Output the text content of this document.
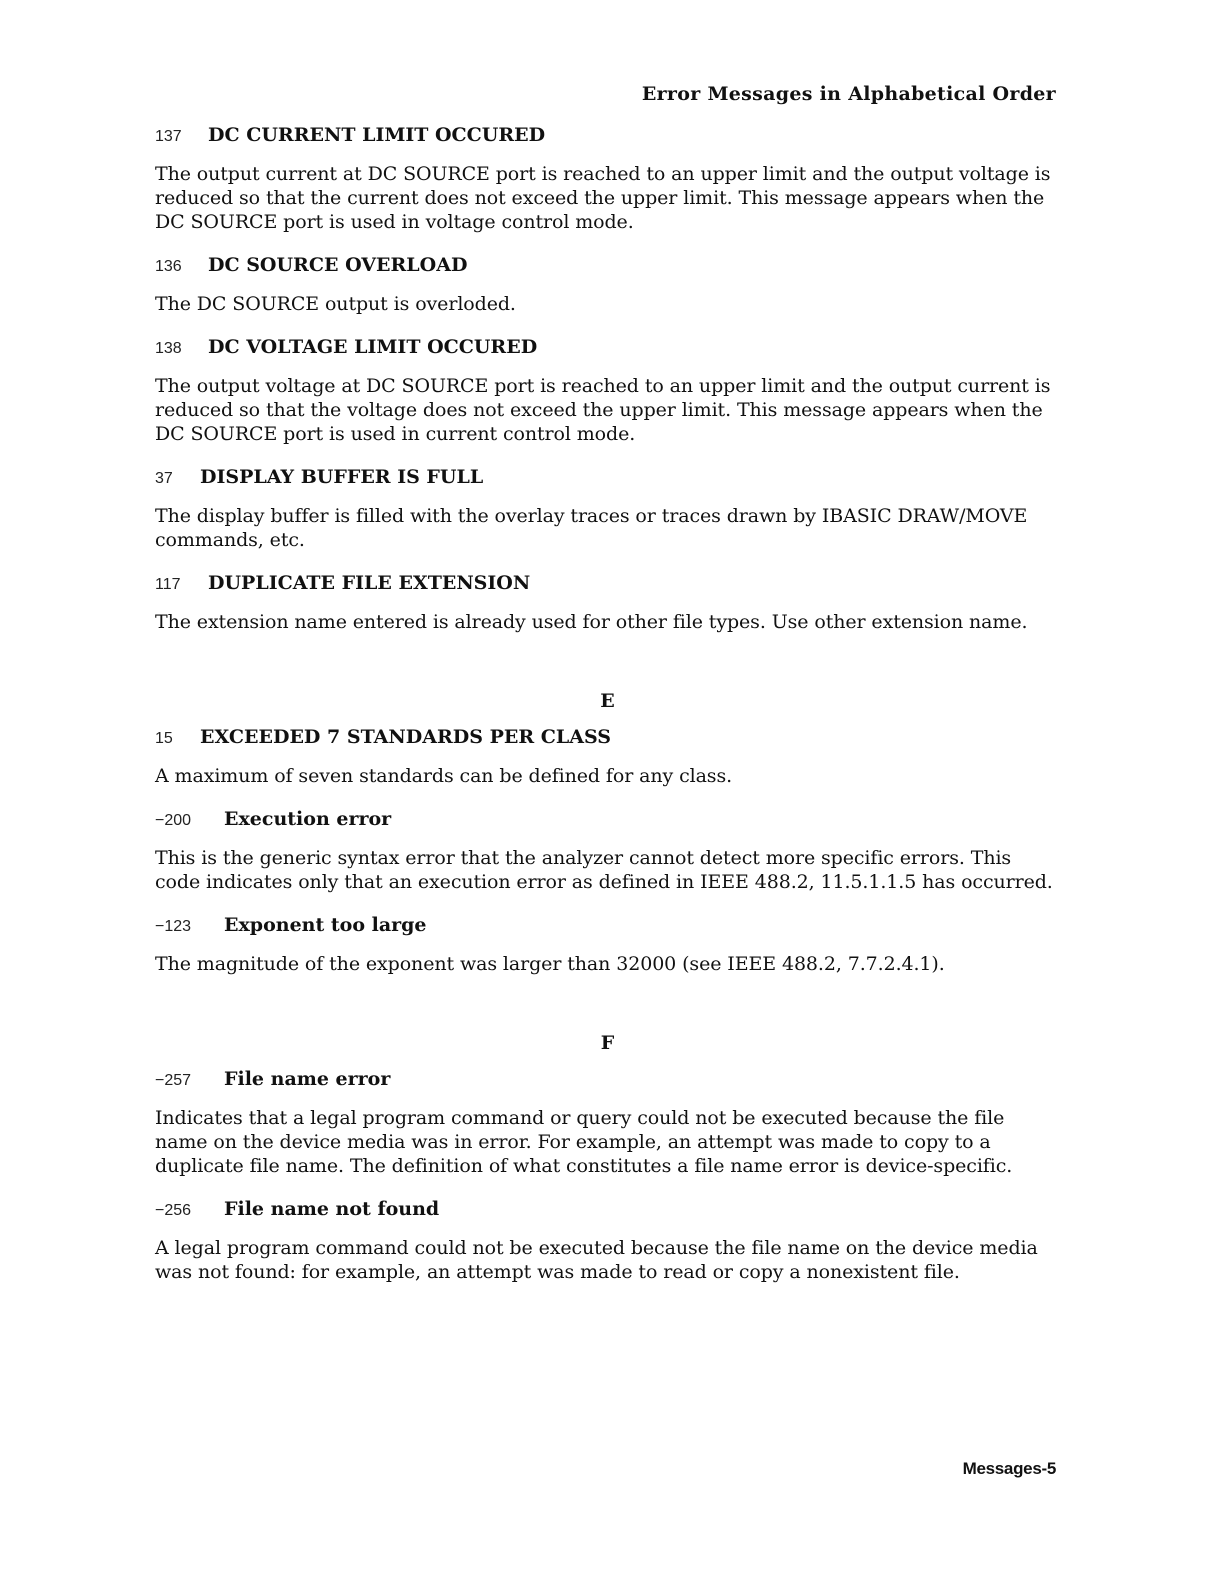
Error Messages in Alphabetical Order
137	DC CURRENT LIMIT OCCURED

The output current at DC SOURCE port is reached to an upper limit and the output voltage is reduced so that the current does not exceed the upper limit. This message appears when the DC SOURCE port is used in voltage control mode.

136	DC SOURCE OVERLOAD

The DC SOURCE output is overloded.

138	DC VOLTAGE LIMIT OCCURED

The output voltage at DC SOURCE port is reached to an upper limit and the output current is reduced so that the voltage does not exceed the upper limit. This message appears when the DC SOURCE port is used in current control mode.

37	DISPLAY BUFFER IS FULL

The display buffer is filled with the overlay traces or traces drawn by IBASIC DRAW/MOVE commands, etc.

117	DUPLICATE FILE EXTENSION

The extension name entered is already used for other file types. Use other extension name.

E
15	EXCEEDED 7 STANDARDS PER CLASS

A maximum of seven standards can be defined for any class.

−200	Execution error

This is the generic syntax error that the analyzer cannot detect more specific errors. This code indicates only that an execution error as defined in IEEE 488.2, 11.5.1.1.5 has occurred.

−123	Exponent too large

The magnitude of the exponent was larger than 32000 (see IEEE 488.2, 7.7.2.4.1).

F
−257	File name error

Indicates that a legal program command or query could not be executed because the file name on the device media was in error. For example, an attempt was made to copy to a duplicate file name. The definition of what constitutes a file name error is device-specific.

−256	File name not found

A legal program command could not be executed because the file name on the device media was not found: for example, an attempt was made to read or copy a nonexistent file.

Messages-5
